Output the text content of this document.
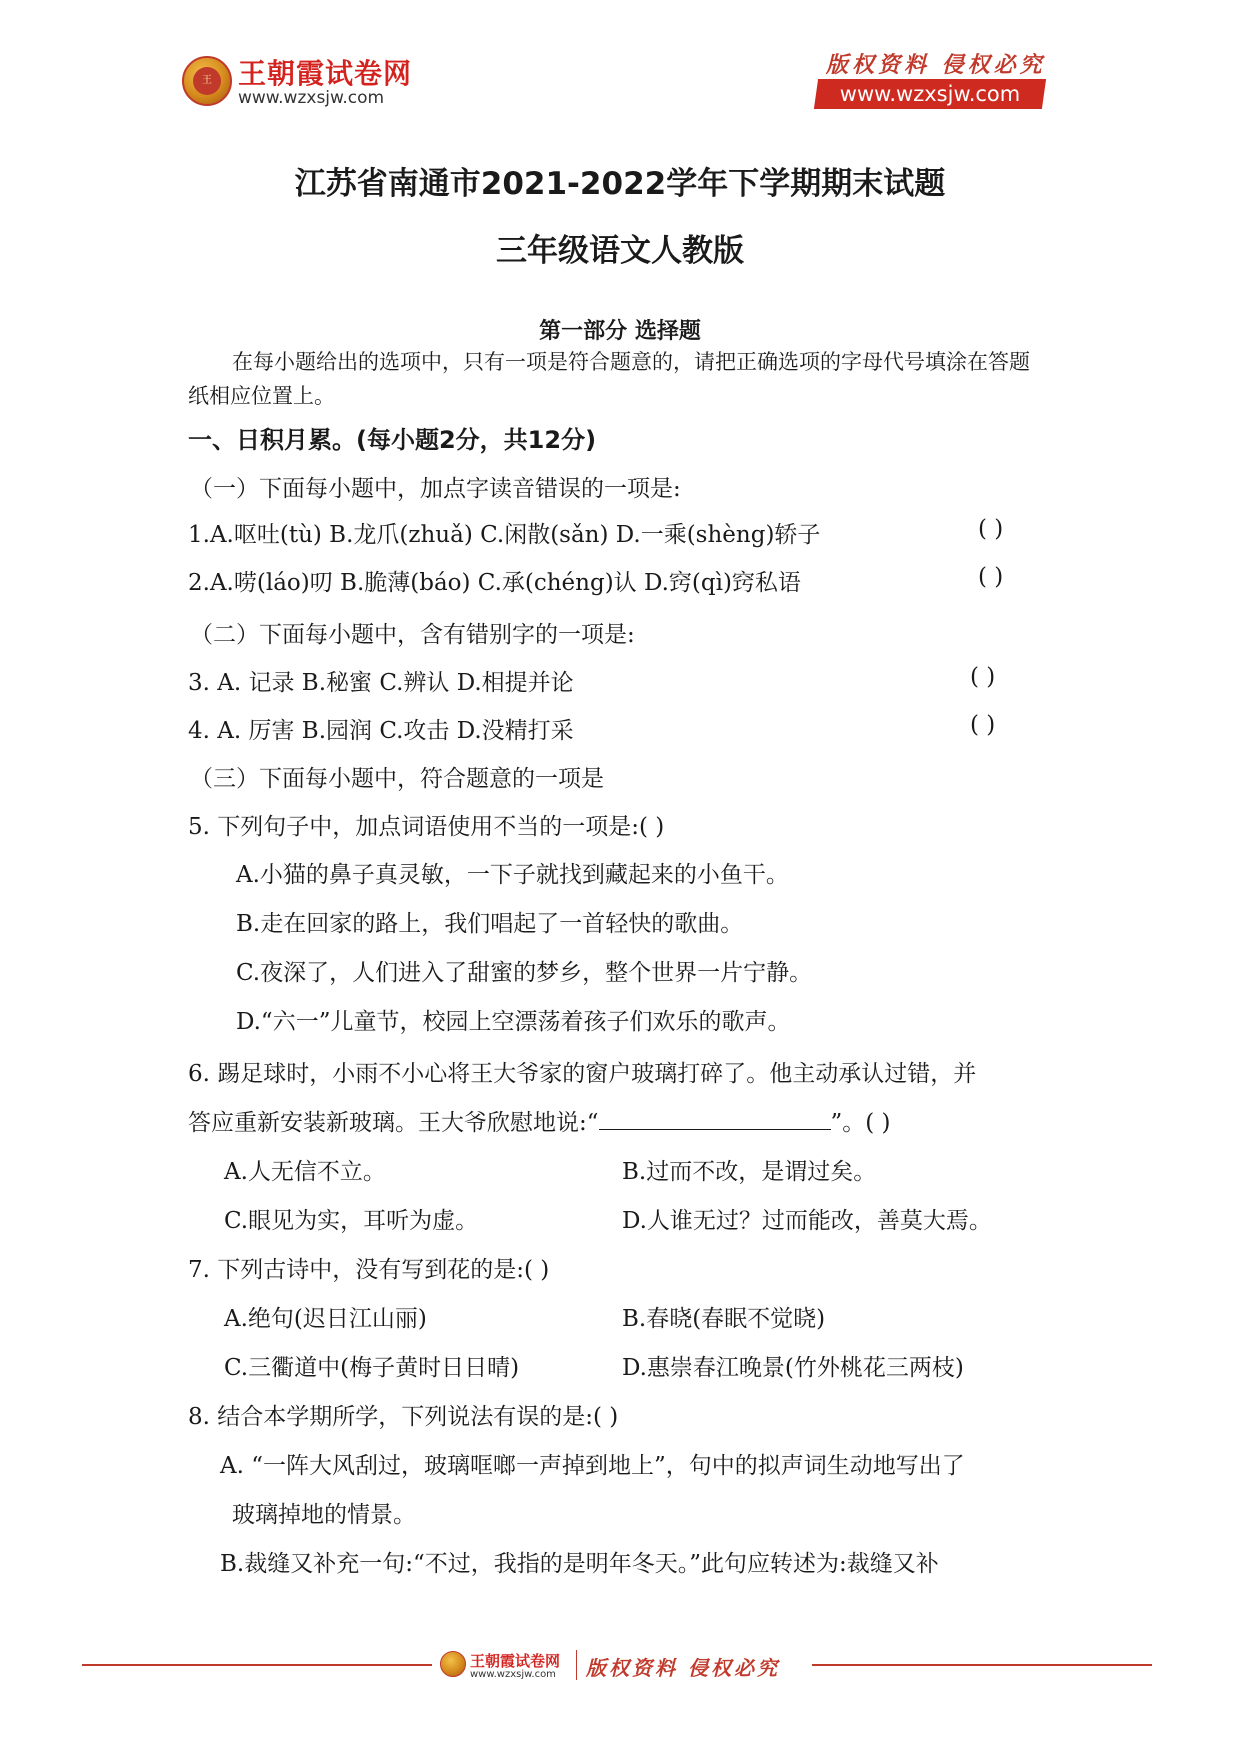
王 王朝霞试卷网
www.wzxsjw.com
版权资料 侵权必究
www.wzxsjw.com
江苏省南通市2021-2022学年下学期期末试题
三年级语文人教版
第一部分 选择题
在每小题给出的选项中，只有一项是符合题意的，请把正确选项的字母代号填涂在答题
纸相应位置上。
一、日积月累。(每小题2分，共12分)
（一）下面每小题中，加点字读音错误的一项是:
1.A.呕吐(tù) B.龙爪(zhuǎ) C.闲散(sǎn) D.一乘(shèng)轿子	( )
2.A.唠(láo)叨 B.脆薄(báo) C.承(chéng)认 D.窍(qì)窍私语	( )
（二）下面每小题中，含有错别字的一项是:
3. A. 记录 B.秘蜜 C.辨认 D.相提并论	( )
4. A. 厉害 B.园润 C.攻击 D.没精打采	( )
（三）下面每小题中，符合题意的一项是
5. 下列句子中，加点词语使用不当的一项是:( )
A.小猫的鼻子真灵敏，一下子就找到藏起来的小鱼干。
B.走在回家的路上，我们唱起了一首轻快的歌曲。
C.夜深了，人们进入了甜蜜的梦乡，整个世界一片宁静。
D.“六一”儿童节，校园上空漂荡着孩子们欢乐的歌声。
6. 踢足球时，小雨不小心将王大爷家的窗户玻璃打碎了。他主动承认过错，并
答应重新安装新玻璃。王大爷欣慰地说:“	”。( )
A.人无信不立。	B.过而不改，是谓过矣。
C.眼见为实，耳听为虚。	D.人谁无过？过而能改，善莫大焉。
7. 下列古诗中，没有写到花的是:( )
A.绝句(迟日江山丽)	B.春晓(春眠不觉晓)
C.三衢道中(梅子黄时日日晴)	D.惠崇春江晚景(竹外桃花三两枝)
8. 结合本学期所学，下列说法有误的是:( )
A. “一阵大风刮过，玻璃哐啷一声掉到地上”，句中的拟声词生动地写出了
玻璃掉地的情景。
B.裁缝又补充一句:“不过，我指的是明年冬天。”此句应转述为:裁缝又补
王朝霞试卷网
www.wzxsjw.com 版权资料 侵权必究
